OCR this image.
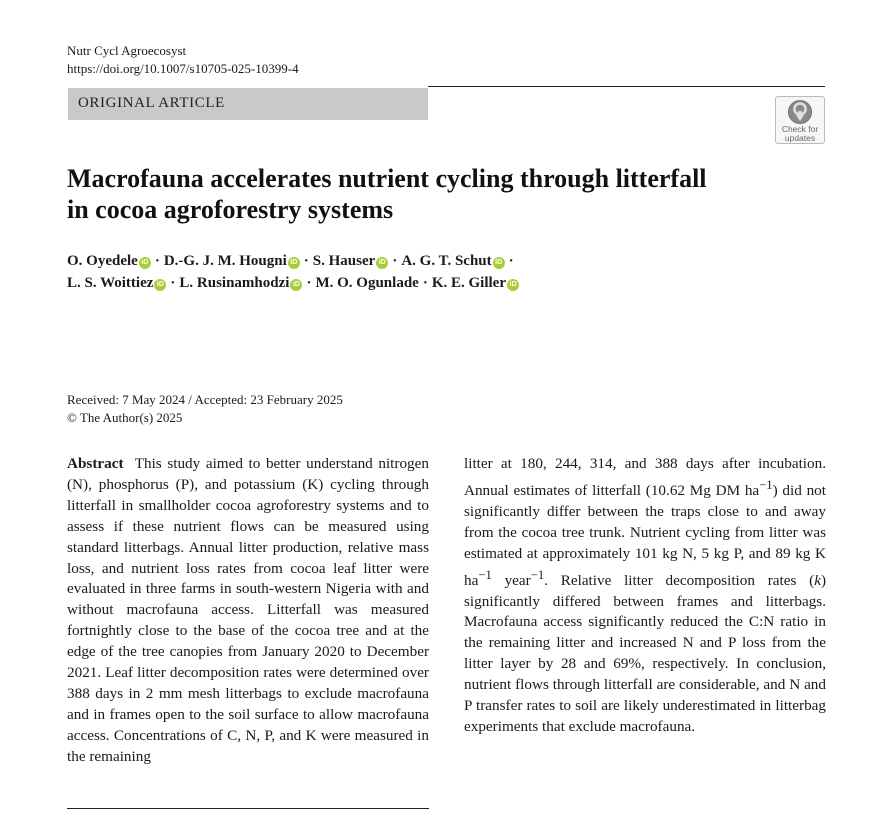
Nutr Cycl Agroecosyst
https://doi.org/10.1007/s10705-025-10399-4
ORIGINAL ARTICLE
Check for
updates
Macrofauna accelerates nutrient cycling through litterfall
in cocoa agroforestry systems
O. Oyedele iD · D.-G. J. M. Hougni iD · S. Hauser iD · A. G. T. Schut iD ·
L. S. Woittiez iD · L. Rusinamhodzi iD · M. O. Ogunlade · K. E. Giller iD
Received: 7 May 2024 / Accepted: 23 February 2025
© The Author(s) 2025
Abstract This study aimed to better understand nitrogen (N), phosphorus (P), and potassium (K) cycling through litterfall in smallholder cocoa agroforestry systems and to assess if these nutrient flows can be measured using standard litterbags. Annual litter production, relative mass loss, and nutrient loss rates from cocoa leaf litter were evaluated in three farms in south-western Nigeria with and without macrofauna access. Litterfall was measured fortnightly close to the base of the cocoa tree and at the edge of the tree canopies from January 2020 to December 2021. Leaf litter decomposition rates were determined over 388 days in 2 mm mesh litterbags to exclude macrofauna and in frames open to the soil surface to allow macrofauna access. Concentrations of C, N, P, and K were measured in the remaining
litter at 180, 244, 314, and 388 days after incubation. Annual estimates of litterfall (10.62 Mg DM $ha^{-1}$) did not significantly differ between the traps close to and away from the cocoa tree trunk. Nutrient cycling from litter was estimated at approximately 101 kg N, 5 kg P, and 89 kg K $ha^{-1}$ year$^{-1}$. Relative litter decomposition rates (k) significantly differed between frames and litterbags. Macrofauna access significantly reduced the C:N ratio in the remaining litter and increased N and P loss from the litter layer by 28 and 69%, respectively. In conclusion, nutrient flows through litterfall are considerable, and N and P transfer rates to soil are likely underestimated in litterbag experiments that exclude macrofauna.
